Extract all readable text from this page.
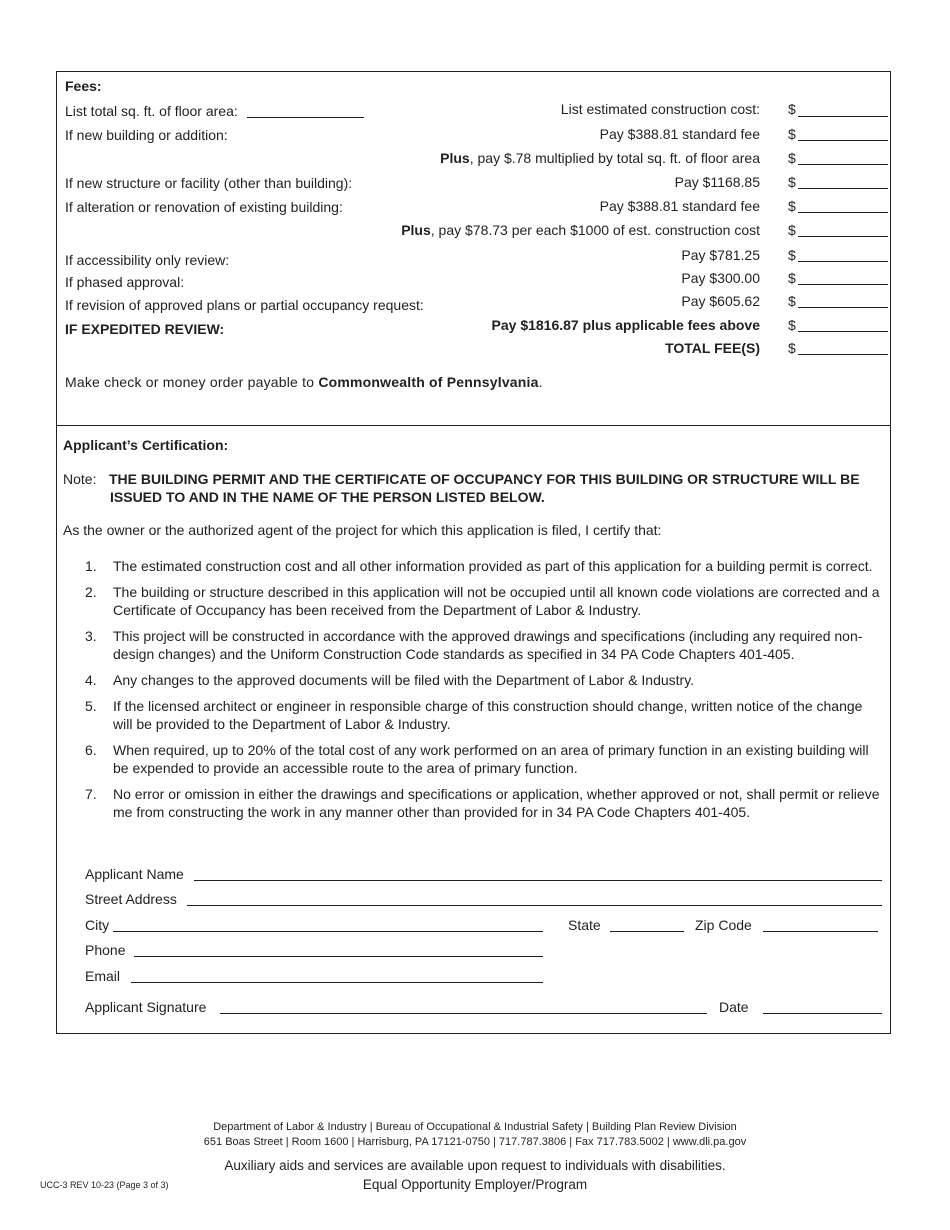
Fees:
List total sq. ft. of floor area:	List estimated construction cost: $
If new building or addition:	Pay $388.81 standard fee $
Plus, pay $.78 multiplied by total sq. ft. of floor area $
If new structure or facility (other than building):	Pay $1168.85 $
If alteration or renovation of existing building:	Pay $388.81 standard fee $
Plus, pay $78.73 per each $1000 of est. construction cost $
If accessibility only review:	Pay $781.25 $
If phased approval:	Pay $300.00 $
If revision of approved plans or partial occupancy request:	Pay $605.62 $
IF EXPEDITED REVIEW:	Pay $1816.87 plus applicable fees above $
TOTAL FEE(S) $
Make check or money order payable to Commonwealth of Pennsylvania.
Applicant’s Certification:
Note: THE BUILDING PERMIT AND THE CERTIFICATE OF OCCUPANCY FOR THIS BUILDING OR STRUCTURE WILL BE
ISSUED TO AND IN THE NAME OF THE PERSON LISTED BELOW.
As the owner or the authorized agent of the project for which this application is filed, I certify that:
1. The estimated construction cost and all other information provided as part of this application for a building permit is correct.
2. The building or structure described in this application will not be occupied until all known code violations are corrected and a Certificate of Occupancy has been received from the Department of Labor & Industry.
3. This project will be constructed in accordance with the approved drawings and specifications (including any required non-design changes) and the Uniform Construction Code standards as specified in 34 PA Code Chapters 401-405.
4. Any changes to the approved documents will be filed with the Department of Labor & Industry.
5. If the licensed architect or engineer in responsible charge of this construction should change, written notice of the change will be provided to the Department of Labor & Industry.
6. When required, up to 20% of the total cost of any work performed on an area of primary function in an existing building will be expended to provide an accessible route to the area of primary function.
7. No error or omission in either the drawings and specifications or application, whether approved or not, shall permit or relieve me from constructing the work in any manner other than provided for in 34 PA Code Chapters 401-405.
Applicant Name
Street Address
City	State	Zip Code
Phone
Email
Applicant Signature	Date
Department of Labor & Industry | Bureau of Occupational & Industrial Safety | Building Plan Review Division
651 Boas Street | Room 1600 | Harrisburg, PA 17121-0750 | 717.787.3806 | Fax 717.783.5002 | www.dli.pa.gov
Auxiliary aids and services are available upon request to individuals with disabilities.
Equal Opportunity Employer/Program
UCC-3 REV 10-23 (Page 3 of 3)
